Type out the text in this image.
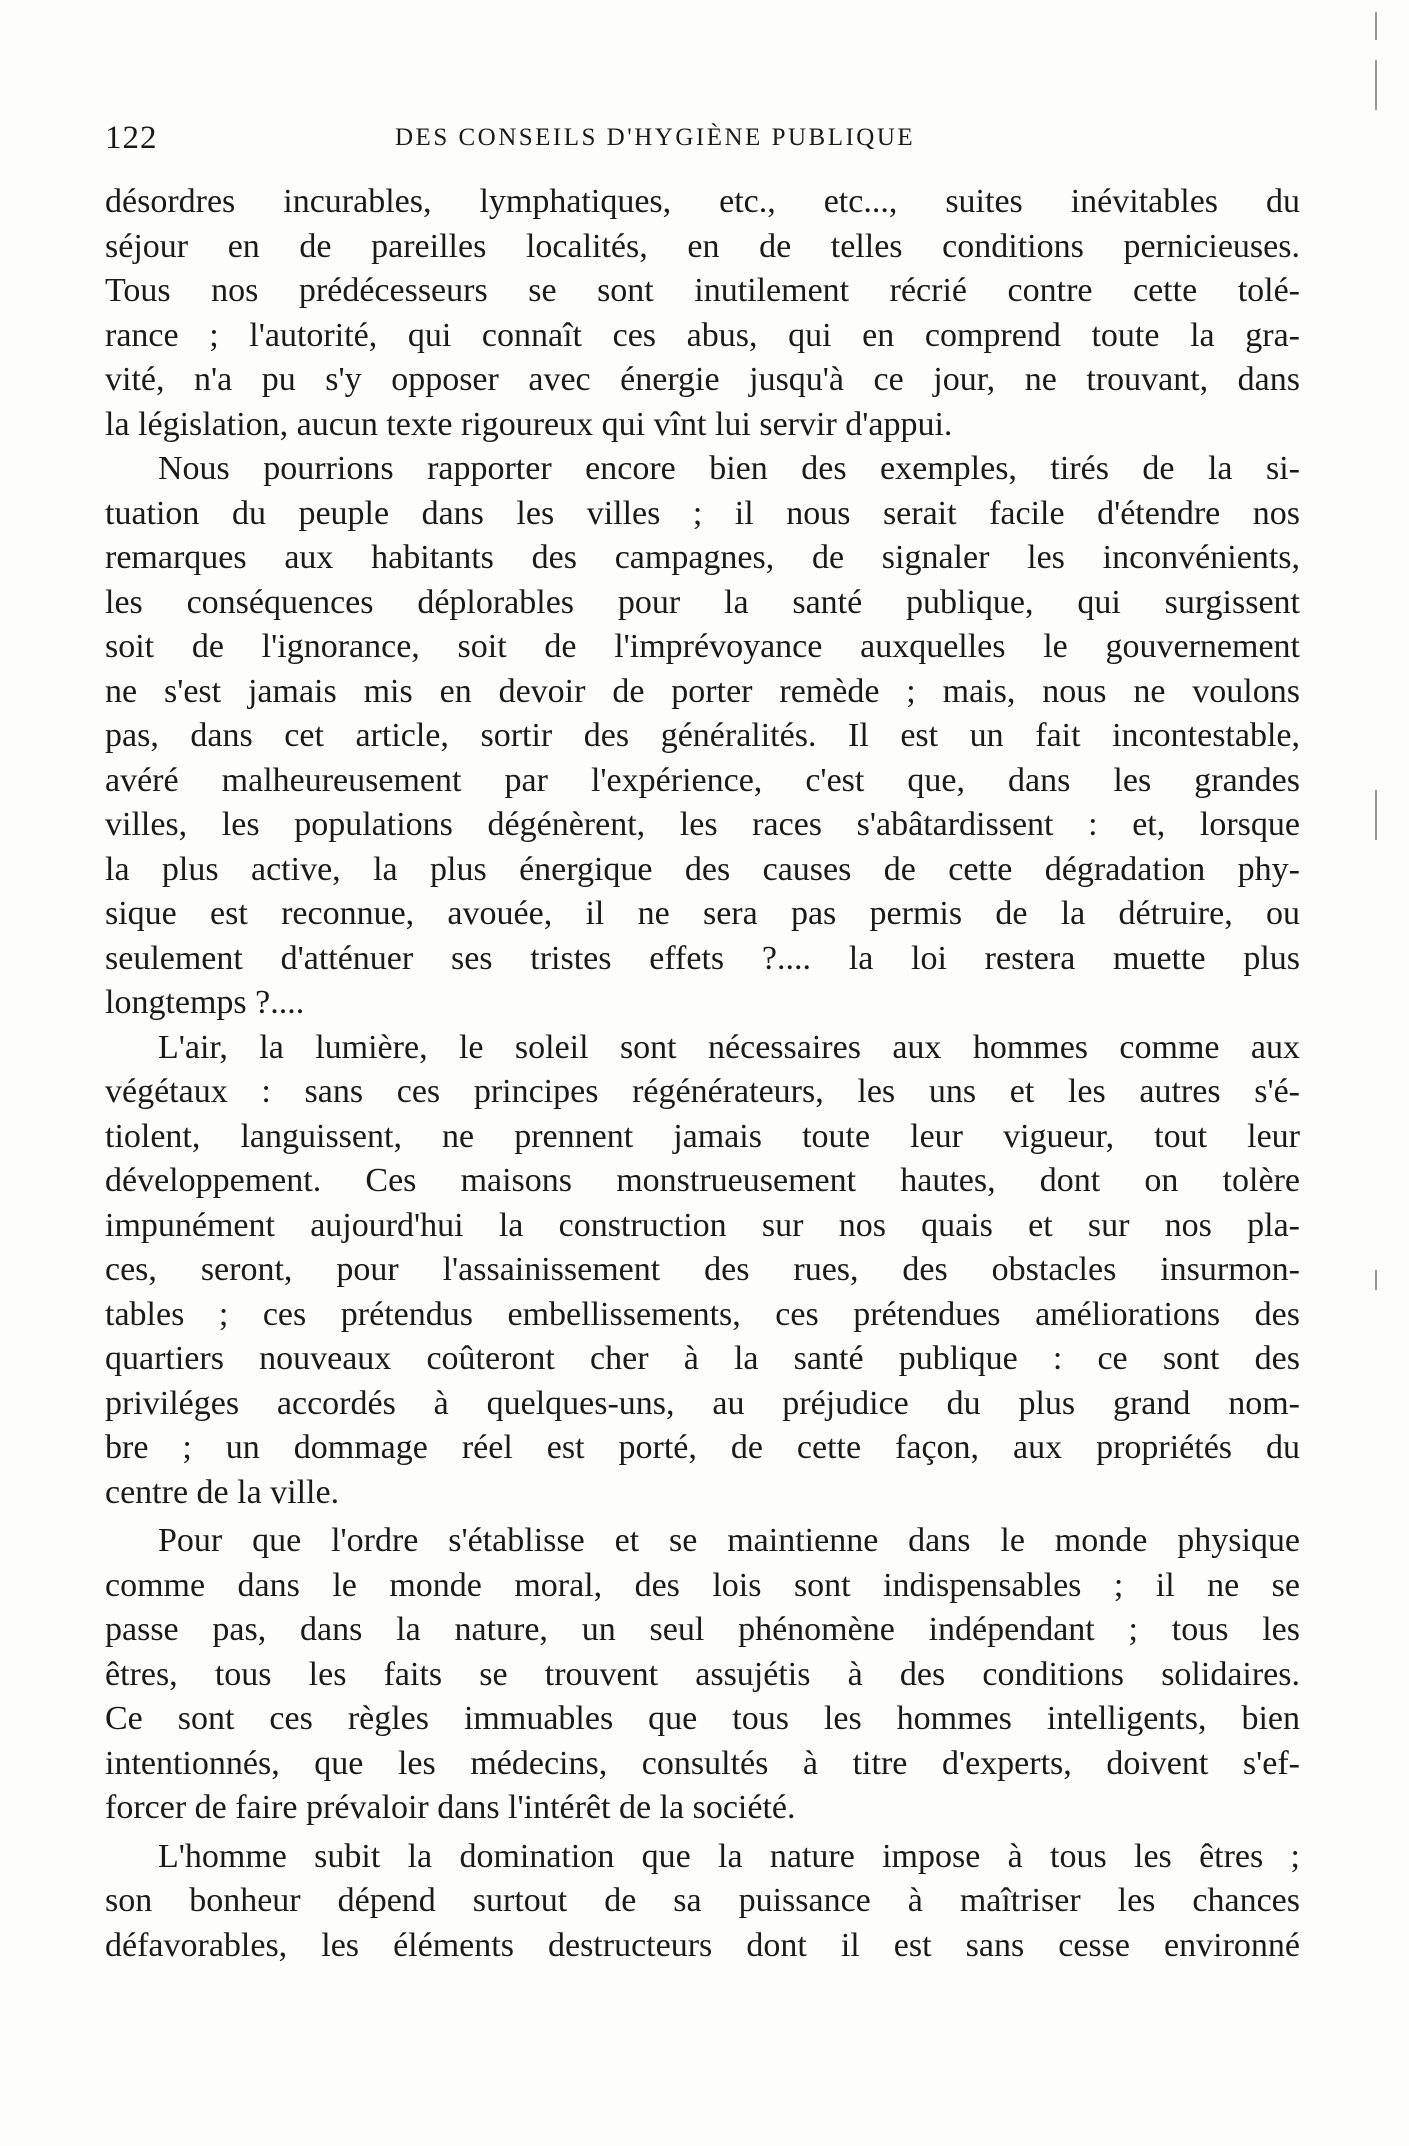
122	DES CONSEILS D'HYGIÈNE PUBLIQUE
désordres incurables, lymphatiques, etc., etc..., suites inévitables du
séjour en de pareilles localités, en de telles conditions pernicieuses.
Tous nos prédécesseurs se sont inutilement récrié contre cette tolé-
rance ; l'autorité, qui connaît ces abus, qui en comprend toute la gra-
vité, n'a pu s'y opposer avec énergie jusqu'à ce jour, ne trouvant, dans
la législation, aucun texte rigoureux qui vînt lui servir d'appui.
Nous pourrions rapporter encore bien des exemples, tirés de la si-
tuation du peuple dans les villes ; il nous serait facile d'étendre nos
remarques aux habitants des campagnes, de signaler les inconvénients,
les conséquences déplorables pour la santé publique, qui surgissent
soit de l'ignorance, soit de l'imprévoyance auxquelles le gouvernement
ne s'est jamais mis en devoir de porter remède ; mais, nous ne voulons
pas, dans cet article, sortir des généralités. Il est un fait incontestable,
avéré malheureusement par l'expérience, c'est que, dans les grandes
villes, les populations dégénèrent, les races s'abâtardissent : et, lorsque
la plus active, la plus énergique des causes de cette dégradation phy-
sique est reconnue, avouée, il ne sera pas permis de la détruire, ou
seulement d'atténuer ses tristes effets ?.... la loi restera muette plus
longtemps ?....
L'air, la lumière, le soleil sont nécessaires aux hommes comme aux
végétaux : sans ces principes régénérateurs, les uns et les autres s'é-
tiolent, languissent, ne prennent jamais toute leur vigueur, tout leur
développement. Ces maisons monstrueusement hautes, dont on tolère
impunément aujourd'hui la construction sur nos quais et sur nos pla-
ces, seront, pour l'assainissement des rues, des obstacles insurmon-
tables ; ces prétendus embellissements, ces prétendues améliorations des
quartiers nouveaux coûteront cher à la santé publique : ce sont des
priviléges accordés à quelques-uns, au préjudice du plus grand nom-
bre ; un dommage réel est porté, de cette façon, aux propriétés du
centre de la ville.
Pour que l'ordre s'établisse et se maintienne dans le monde physique
comme dans le monde moral, des lois sont indispensables ; il ne se
passe pas, dans la nature, un seul phénomène indépendant ; tous les
êtres, tous les faits se trouvent assujétis à des conditions solidaires.
Ce sont ces règles immuables que tous les hommes intelligents, bien
intentionnés, que les médecins, consultés à titre d'experts, doivent s'ef-
forcer de faire prévaloir dans l'intérêt de la société.
L'homme subit la domination que la nature impose à tous les êtres ;
son bonheur dépend surtout de sa puissance à maîtriser les chances
défavorables, les éléments destructeurs dont il est sans cesse environné
